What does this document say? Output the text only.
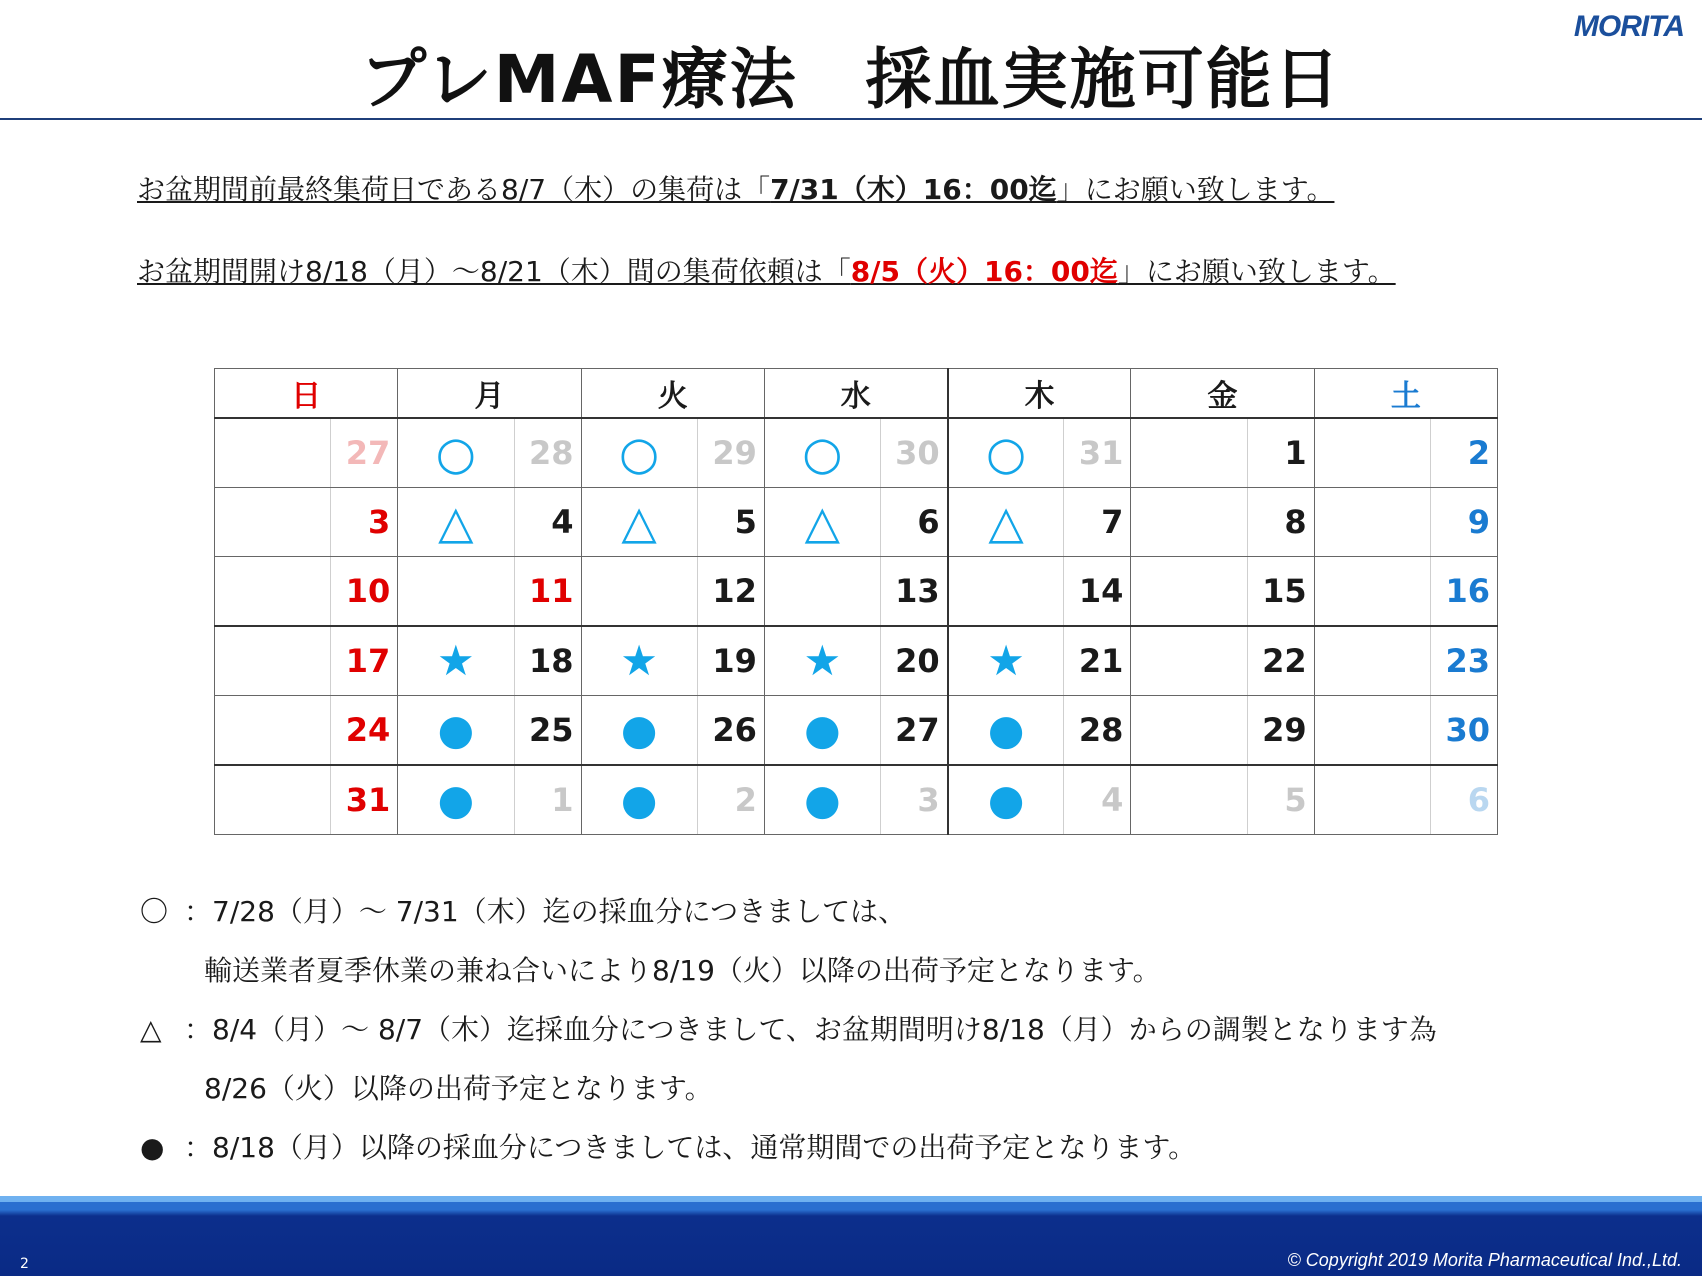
プレMAF療法　採血実施可能日
MORITA
お盆期間前最終集荷日である8/7（木）の集荷は「7/31（木）16：00迄」にお願い致します。
お盆期間開け8/18（月）～8/21（木）間の集荷依頼は「8/5（火）16：00迄」にお願い致します。
日	月	火	水	木	金	土

27	○ 28	○ 29	○ 30	○ 31	1	2

3	△ 4	△ 5	△ 6	△ 7	8	9

10	11	12	13	14	15	16

17	★ 18	★ 19	★ 20	★ 21	22	23

24	● 25	● 26	● 27	● 28	29	30

31	● 1	● 2	● 3	● 4	5	6
〇 ：7/28（月）～ 7/31（木）迄の採血分につきましては、
輸送業者夏季休業の兼ね合いにより8/19（火）以降の出荷予定となります。
△ ：8/4（月）～ 8/7（木）迄採血分につきまして、お盆期間明け8/18（月）からの調製となります為
8/26（火）以降の出荷予定となります。
● ：8/18（月）以降の採血分につきましては、通常期間での出荷予定となります。
2	© Copyright 2019 Morita Pharmaceutical Ind.,Ltd.
